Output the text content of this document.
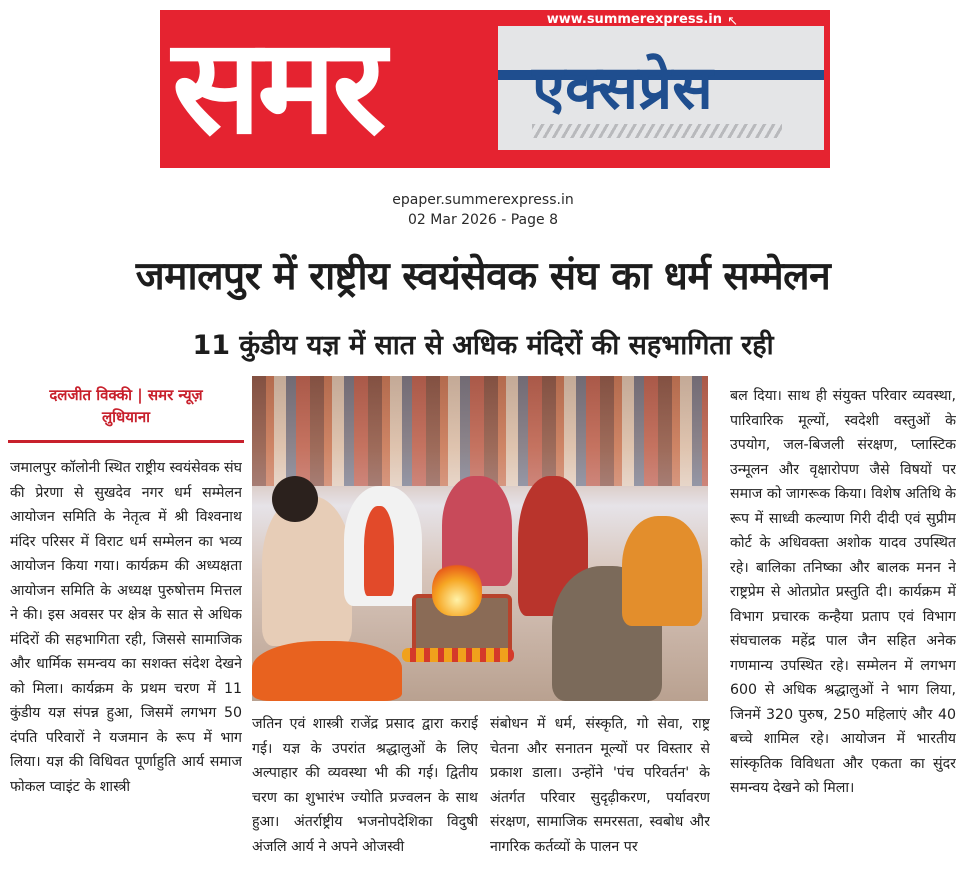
समर एक्सप्रेस
www.summerexpress.in ↖
epaper.summerexpress.in
02 Mar 2026 - Page 8
जमालपुर में राष्ट्रीय स्वयंसेवक संघ का धर्म सम्मेलन
11 कुंडीय यज्ञ में सात से अधिक मंदिरों की सहभागिता रही
दलजीत विक्की | समर न्यूज़
लुधियाना
जमालपुर कॉलोनी स्थित राष्ट्रीय स्वयंसेवक संघ की प्रेरणा से सुखदेव नगर धर्म सम्मेलन आयोजन समिति के नेतृत्व में श्री विश्वनाथ मंदिर परिसर में विराट धर्म सम्मेलन का भव्य आयोजन किया गया। कार्यक्रम की अध्यक्षता आयोजन समिति के अध्यक्ष पुरुषोत्तम मित्तल ने की। इस अवसर पर क्षेत्र के सात से अधिक मंदिरों की सहभागिता रही, जिससे सामाजिक और धार्मिक समन्वय का सशक्त संदेश देखने को मिला। कार्यक्रम के प्रथम चरण में 11 कुंडीय यज्ञ संपन्न हुआ, जिसमें लगभग 50 दंपति परिवारों ने यजमान के रूप में भाग लिया। यज्ञ की विधिवत पूर्णाहुति आर्य समाज फोकल प्वाइंट के शास्त्री
जतिन एवं शास्त्री राजेंद्र प्रसाद द्वारा कराई गई। यज्ञ के उपरांत श्रद्धालुओं के लिए अल्पाहार की व्यवस्था भी की गई। द्वितीय चरण का शुभारंभ ज्योति प्रज्वलन के साथ हुआ। अंतर्राष्ट्रीय भजनोपदेशिका विदुषी अंजलि आर्य ने अपने ओजस्वी
संबोधन में धर्म, संस्कृति, गो सेवा, राष्ट्र चेतना और सनातन मूल्यों पर विस्तार से प्रकाश डाला। उन्होंने 'पंच परिवर्तन' के अंतर्गत परिवार सुदृढ़ीकरण, पर्यावरण संरक्षण, सामाजिक समरसता, स्वबोध और नागरिक कर्तव्यों के पालन पर
बल दिया। साथ ही संयुक्त परिवार व्यवस्था, पारिवारिक मूल्यों, स्वदेशी वस्तुओं के उपयोग, जल-बिजली संरक्षण, प्लास्टिक उन्मूलन और वृक्षारोपण जैसे विषयों पर समाज को जागरूक किया। विशेष अतिथि के रूप में साध्वी कल्याण गिरी दीदी एवं सुप्रीम कोर्ट के अधिवक्ता अशोक यादव उपस्थित रहे। बालिका तनिष्का और बालक मनन ने राष्ट्रप्रेम से ओतप्रोत प्रस्तुति दी। कार्यक्रम में विभाग प्रचारक कन्हैया प्रताप एवं विभाग संघचालक महेंद्र पाल जैन सहित अनेक गणमान्य उपस्थित रहे। सम्मेलन में लगभग 600 से अधिक श्रद्धालुओं ने भाग लिया, जिनमें 320 पुरुष, 250 महिलाएं और 40 बच्चे शामिल रहे। आयोजन में भारतीय सांस्कृतिक विविधता और एकता का सुंदर समन्वय देखने को मिला।
